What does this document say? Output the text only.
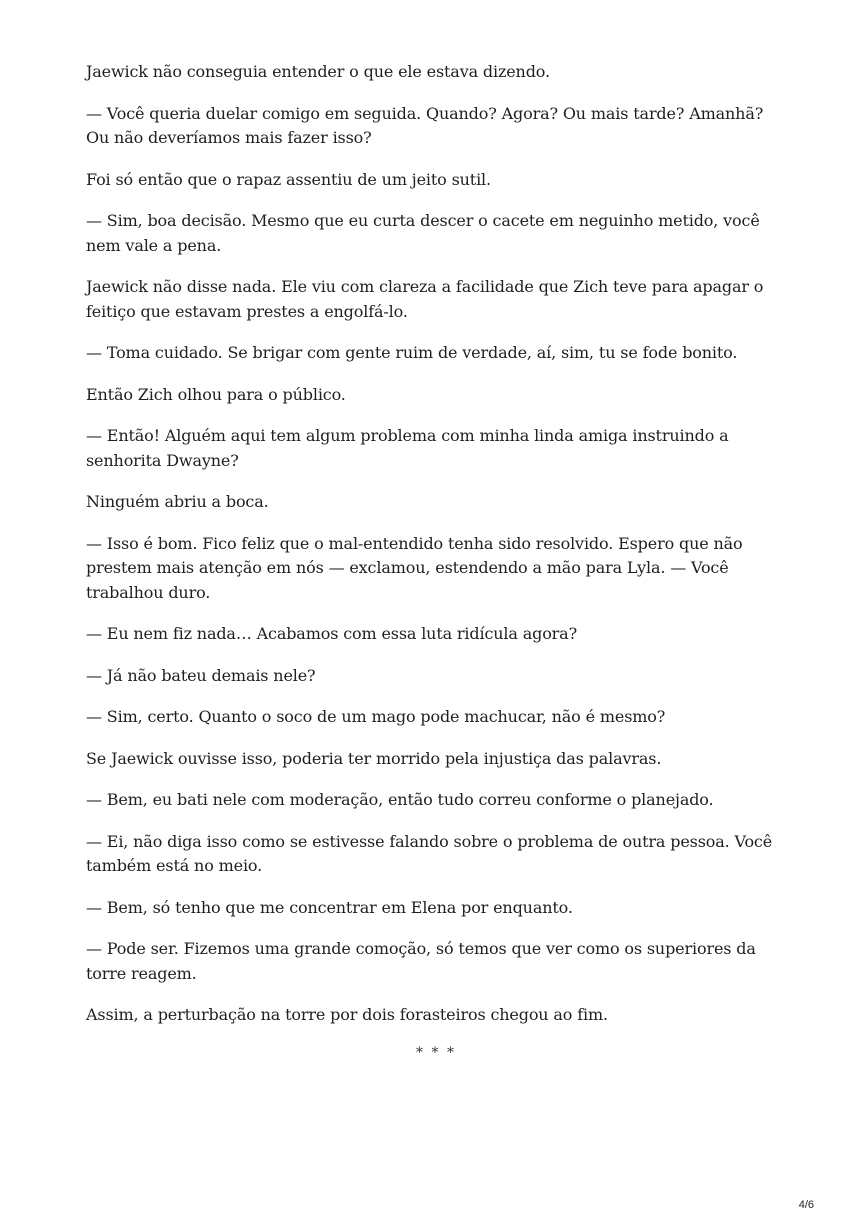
Jaewick não conseguia entender o que ele estava dizendo.

— Você queria duelar comigo em seguida. Quando? Agora? Ou mais tarde? Amanhã? Ou não deveríamos mais fazer isso?

Foi só então que o rapaz assentiu de um jeito sutil.

— Sim, boa decisão. Mesmo que eu curta descer o cacete em neguinho metido, você nem vale a pena.

Jaewick não disse nada. Ele viu com clareza a facilidade que Zich teve para apagar o feitiço que estavam prestes a engolfá-lo.

— Toma cuidado. Se brigar com gente ruim de verdade, aí, sim, tu se fode bonito.

Então Zich olhou para o público.

— Então! Alguém aqui tem algum problema com minha linda amiga instruindo a senhorita Dwayne?

Ninguém abriu a boca.

— Isso é bom. Fico feliz que o mal-entendido tenha sido resolvido. Espero que não prestem mais atenção em nós — exclamou, estendendo a mão para Lyla. — Você trabalhou duro.

— Eu nem fiz nada… Acabamos com essa luta ridícula agora?

— Já não bateu demais nele?

— Sim, certo. Quanto o soco de um mago pode machucar, não é mesmo?

Se Jaewick ouvisse isso, poderia ter morrido pela injustiça das palavras.

— Bem, eu bati nele com moderação, então tudo correu conforme o planejado.

— Ei, não diga isso como se estivesse falando sobre o problema de outra pessoa. Você também está no meio.

— Bem, só tenho que me concentrar em Elena por enquanto.

— Pode ser. Fizemos uma grande comoção, só temos que ver como os superiores da torre reagem.

Assim, a perturbação na torre por dois forasteiros chegou ao fim.

* * *
4/6
